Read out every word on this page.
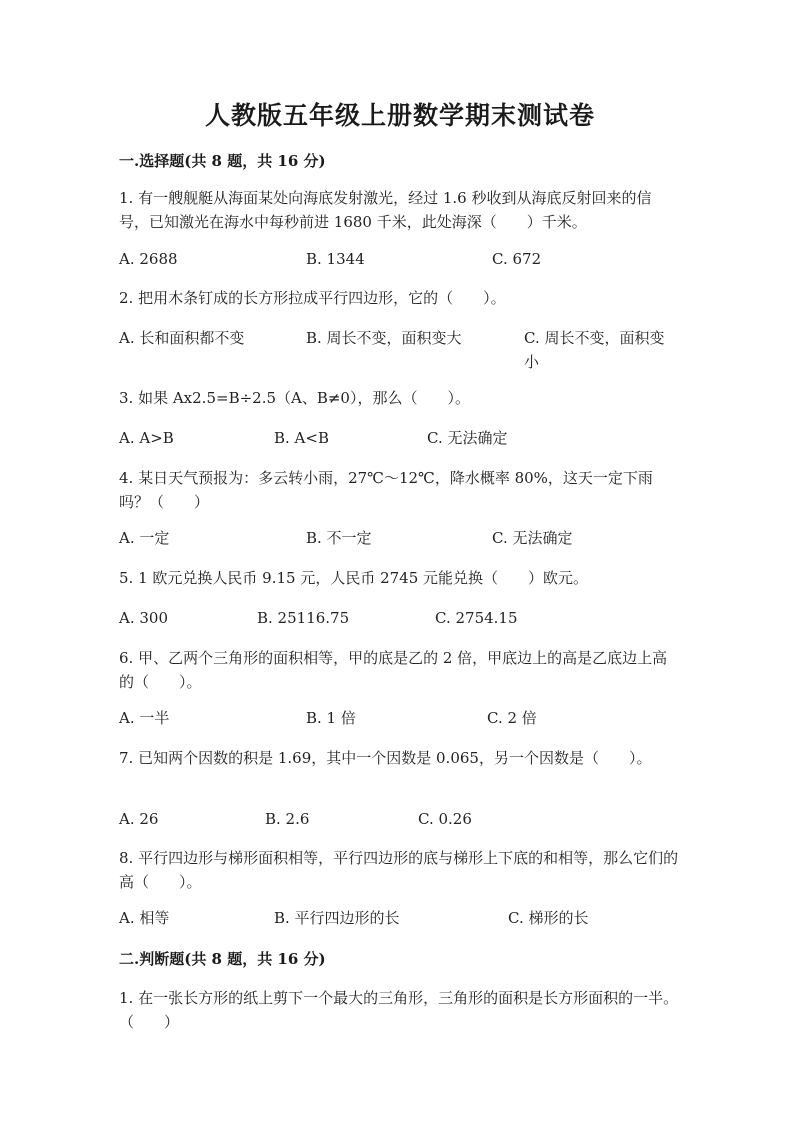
人教版五年级上册数学期末测试卷
一.选择题(共 8 题，共 16 分)
1. 有一艘舰艇从海面某处向海底发射激光，经过 1.6 秒收到从海底反射回来的信号，已知激光在海水中每秒前进 1680 千米，此处海深（　　）千米。
A. 2688	B. 1344	C. 672
2. 把用木条钉成的长方形拉成平行四边形，它的（　　）。
A. 长和面积都不变	B. 周长不变，面积变大	C. 周长不变，面积变小
3. 如果 Ax2.5=B÷2.5（A、B≠0），那么（　　）。
A. A>B	B. A<B	C. 无法确定
4. 某日天气预报为：多云转小雨，27℃～12℃，降水概率 80%，这天一定下雨吗？（　　）
A. 一定	B. 不一定	C. 无法确定
5. 1 欧元兑换人民币 9.15 元，人民币 2745 元能兑换（　　）欧元。
A. 300	B. 25116.75	C. 2754.15
6. 甲、乙两个三角形的面积相等，甲的底是乙的 2 倍，甲底边上的高是乙底边上高的（　　）。
A. 一半	B. 1 倍	C. 2 倍
7. 已知两个因数的积是 1.69，其中一个因数是 0.065，另一个因数是（　　）。
A. 26	B. 2.6	C. 0.26
8. 平行四边形与梯形面积相等，平行四边形的底与梯形上下底的和相等，那么它们的高（　　）。
A. 相等	B. 平行四边形的长	C. 梯形的长
二.判断题(共 8 题，共 16 分)
1. 在一张长方形的纸上剪下一个最大的三角形，三角形的面积是长方形面积的一半。（　　）
